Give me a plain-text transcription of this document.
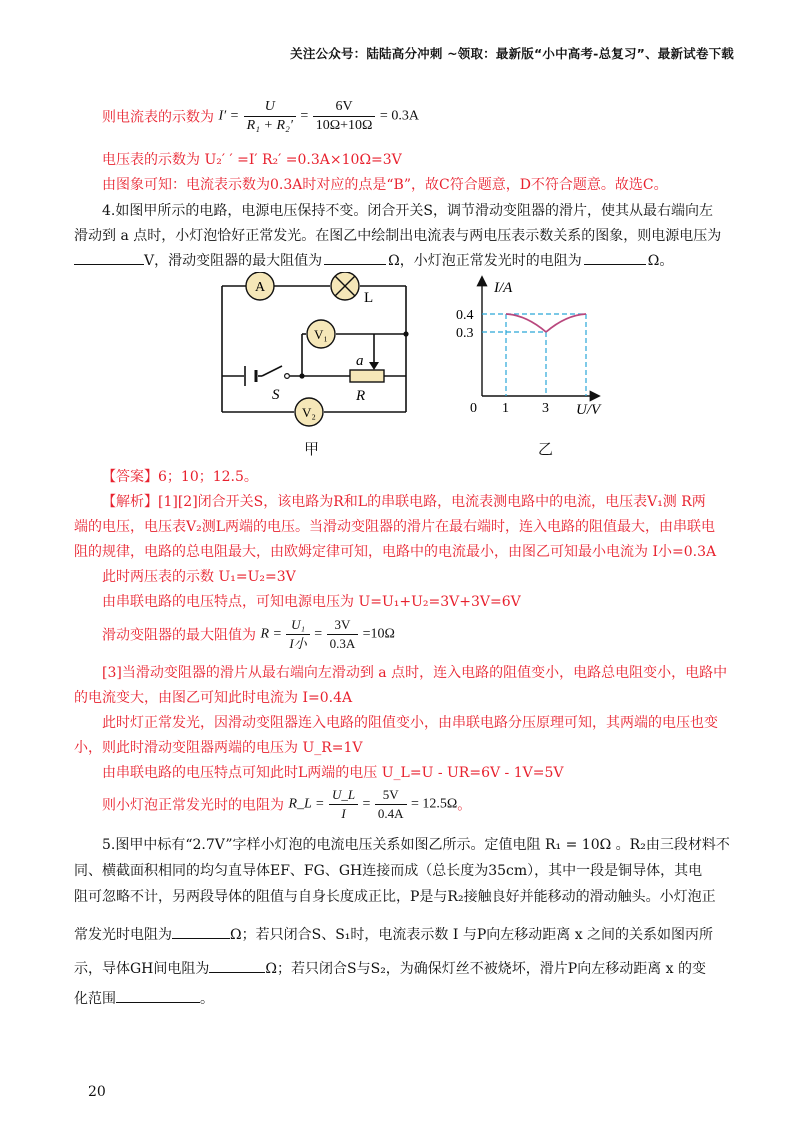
关注公众号：陆陆高分冲刺 ~领取：最新版“小中高考-总复习”、最新试卷下载
则电流表的示数为 $I' = \frac{U}{\text{R₁ + R₂′}} = \frac{6V}{10\Omega+10\Omega} = 0.3A$
电压表的示数为 U₂′ ′ =I′ R₂′ =0.3A×10Ω=3V
由图象可知：电流表示数为0.3A时对应的点是“B”，故C符合题意，D不符合题意。故选C。
4.如图甲所示的电路，电源电压保持不变。闭合开关S，调节滑动变阻器的滑片，使其从最右端向左
滑动到 a 点时，小灯泡恰好正常发光。在图乙中绘制出电流表与两电压表示数关系的图象，则电源电压为
V，滑动变阻器的最大阻值为	Ω，小灯泡正常发光时的电阻为	Ω。
A
L
V₁
V₂
S
a
R
甲
I/A
0.4
0.3
0 1 3 U/V
乙
【答案】6；10；12.5。
【解析】[1][2]闭合开关S，该电路为R和L的串联电路，电流表测电路中的电流，电压表V₁测 R两
端的电压，电压表V₂测L两端的电压。当滑动变阻器的滑片在最右端时，连入电路的阻值最大，由串联电
阻的规律，电路的总电阻最大，由欧姆定律可知，电路中的电流最小，由图乙可知最小电流为 I小=0.3A
此时两压表的示数 U₁=U₂=3V
由串联电路的电压特点，可知电源电压为 U=U₁+U₂=3V+3V=6V
滑动变阻器的最大阻值为 $R = \frac{\text{U₁}}{\text{I小}} = \frac{3V}{0.3A} =10\Omega$
[3]当滑动变阻器的滑片从最右端向左滑动到 a 点时，连入电路的阻值变小，电路总电阻变小，电路中
的电流变大，由图乙可知此时电流为 I=0.4A
此时灯正常发光，因滑动变阻器连入电路的阻值变小，由串联电路分压原理可知，其两端的电压也变
小，则此时滑动变阻器两端的电压为 U_R=1V
由串联电路的电压特点可知此时L两端的电压 U_L=U - UR=6V - 1V=5V
则小灯泡正常发光时的电阻为 R_L = $\frac{U\_L}{I} = \frac{5V}{0.4A} = 12.5\Omega$。
5.图甲中标有“2.7V”字样小灯泡的电流电压关系如图乙所示。定值电阻 R₁ = 10Ω 。R₂由三段材料不
同、横截面积相同的均匀直导体EF、FG、GH连接而成（总长度为35cm），其中一段是铜导体，其电
阻可忽略不计，另两段导体的阻值与自身长度成正比，P是与R₂接触良好并能移动的滑动触头。小灯泡正
常发光时电阻为	Ω；若只闭合S、S₁时，电流表示数 I 与P向左移动距离 x 之间的关系如图丙所
示，导体GH间电阻为	Ω；若只闭合S与S₂，为确保灯丝不被烧坏，滑片P向左移动距离 x 的变
化范围	。
20
